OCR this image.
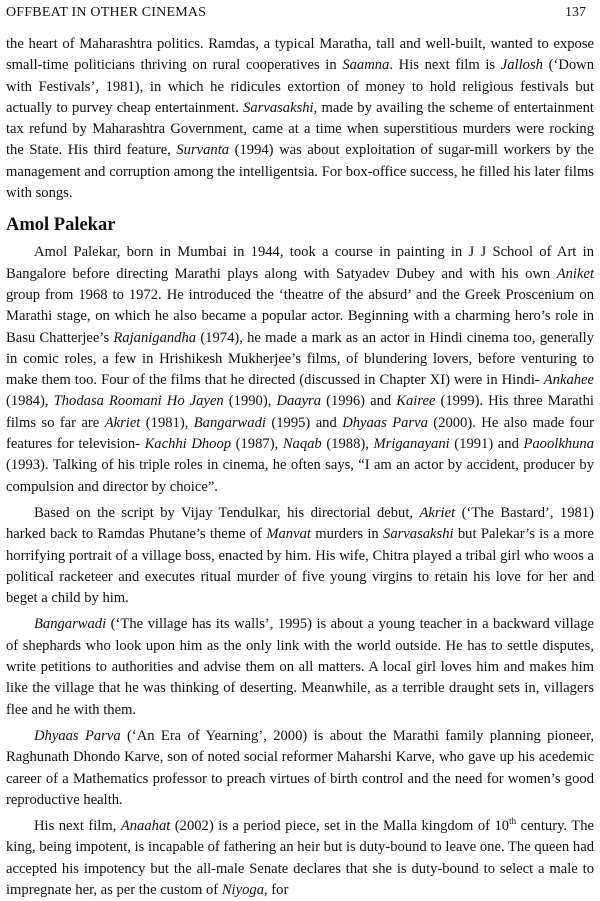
OFFBEAT IN OTHER CINEMAS	137

the heart of Maharashtra politics. Ramdas, a typical Maratha, tall and well-built, wanted to expose small-time politicians thriving on rural cooperatives in Saamna. His next film is Jallosh (‘Down with Festivals’, 1981), in which he ridicules extortion of money to hold religious festivals but actually to purvey cheap entertainment. Sarvasakshi, made by availing the scheme of entertainment tax refund by Maharashtra Government, came at a time when superstitious murders were rocking the State. His third feature, Survanta (1994) was about exploitation of sugar-mill workers by the management and corruption among the intelligentsia. For box-office success, he filled his later films with songs.

Amol Palekar

Amol Palekar, born in Mumbai in 1944, took a course in painting in J J School of Art in Bangalore before directing Marathi plays along with Satyadev Dubey and with his own Aniket group from 1968 to 1972. He introduced the ‘theatre of the absurd’ and the Greek Proscenium on Marathi stage, on which he also became a popular actor. Beginning with a charming hero’s role in Basu Chatterjee’s Rajanigandha (1974), he made a mark as an actor in Hindi cinema too, generally in comic roles, a few in Hrishikesh Mukherjee’s films, of blundering lovers, before venturing to make them too. Four of the films that he directed (discussed in Chapter XI) were in Hindi- Ankahee (1984), Thodasa Roomani Ho Jayen (1990), Daayra (1996) and Kairee (1999). His three Marathi films so far are Akriet (1981), Bangarwadi (1995) and Dhyaas Parva (2000). He also made four features for television- Kachhi Dhoop (1987), Naqab (1988), Mriganayani (1991) and Paoolkhuna (1993). Talking of his triple roles in cinema, he often says, “I am an actor by accident, producer by compulsion and director by choice”.

Based on the script by Vijay Tendulkar, his directorial debut, Akriet (‘The Bastard’, 1981) harked back to Ramdas Phutane’s theme of Manvat murders in Sarvasakshi but Palekar’s is a more horrifying portrait of a village boss, enacted by him. His wife, Chitra played a tribal girl who woos a political racketeer and executes ritual murder of five young virgins to retain his love for her and beget a child by him.

Bangarwadi (‘The village has its walls’, 1995) is about a young teacher in a backward village of shephards who look upon him as the only link with the world outside. He has to settle disputes, write petitions to authorities and advise them on all matters. A local girl loves him and makes him like the village that he was thinking of deserting. Meanwhile, as a terrible draught sets in, villagers flee and he with them.

Dhyaas Parva (‘An Era of Yearning’, 2000) is about the Marathi family planning pioneer, Raghunath Dhondo Karve, son of noted social reformer Maharshi Karve, who gave up his acedemic career of a Mathematics professor to preach virtues of birth control and the need for women’s good reproductive health.

His next film, Anaahat (2002) is a period piece, set in the Malla kingdom of 10th century. The king, being impotent, is incapable of fathering an heir but is duty-bound to leave one. The queen had accepted his impotency but the all-male Senate declares that she is duty-bound to select a male to impregnate her, as per the custom of Niyoga, for
